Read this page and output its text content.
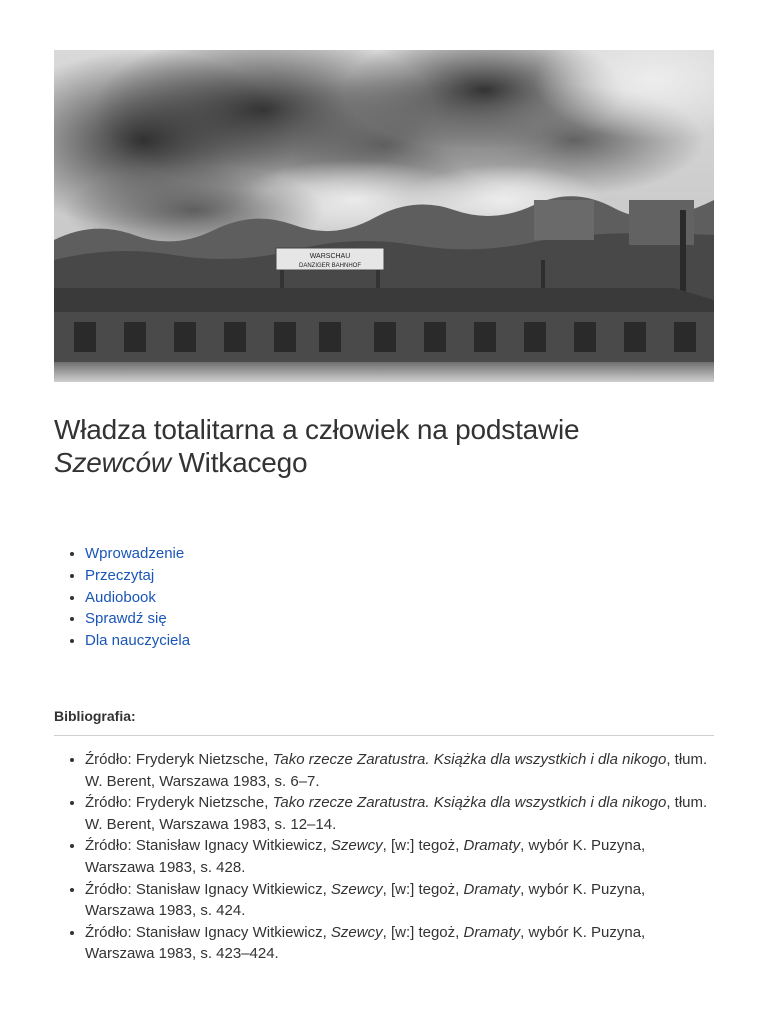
WARSCHAU
DANZIGER BAHNHOF
Władza totalitarna a człowiek na podstawie
Szewców Witkacego
• Wprowadzenie
• Przeczytaj
• Audiobook
• Sprawdź się
• Dla nauczyciela
Bibliografia:
• Źródło: Fryderyk Nietzsche, Tako rzecze Zaratustra. Książka dla wszystkich i dla nikogo, tłum. W. Berent, Warszawa 1983, s. 6–7.
• Źródło: Fryderyk Nietzsche, Tako rzecze Zaratustra. Książka dla wszystkich i dla nikogo, tłum. W. Berent, Warszawa 1983, s. 12–14.
• Źródło: Stanisław Ignacy Witkiewicz, Szewcy, [w:] tegoż, Dramaty, wybór K. Puzyna, Warszawa 1983, s. 428.
• Źródło: Stanisław Ignacy Witkiewicz, Szewcy, [w:] tegoż, Dramaty, wybór K. Puzyna, Warszawa 1983, s. 424.
• Źródło: Stanisław Ignacy Witkiewicz, Szewcy, [w:] tegoż, Dramaty, wybór K. Puzyna, Warszawa 1983, s. 423–424.
